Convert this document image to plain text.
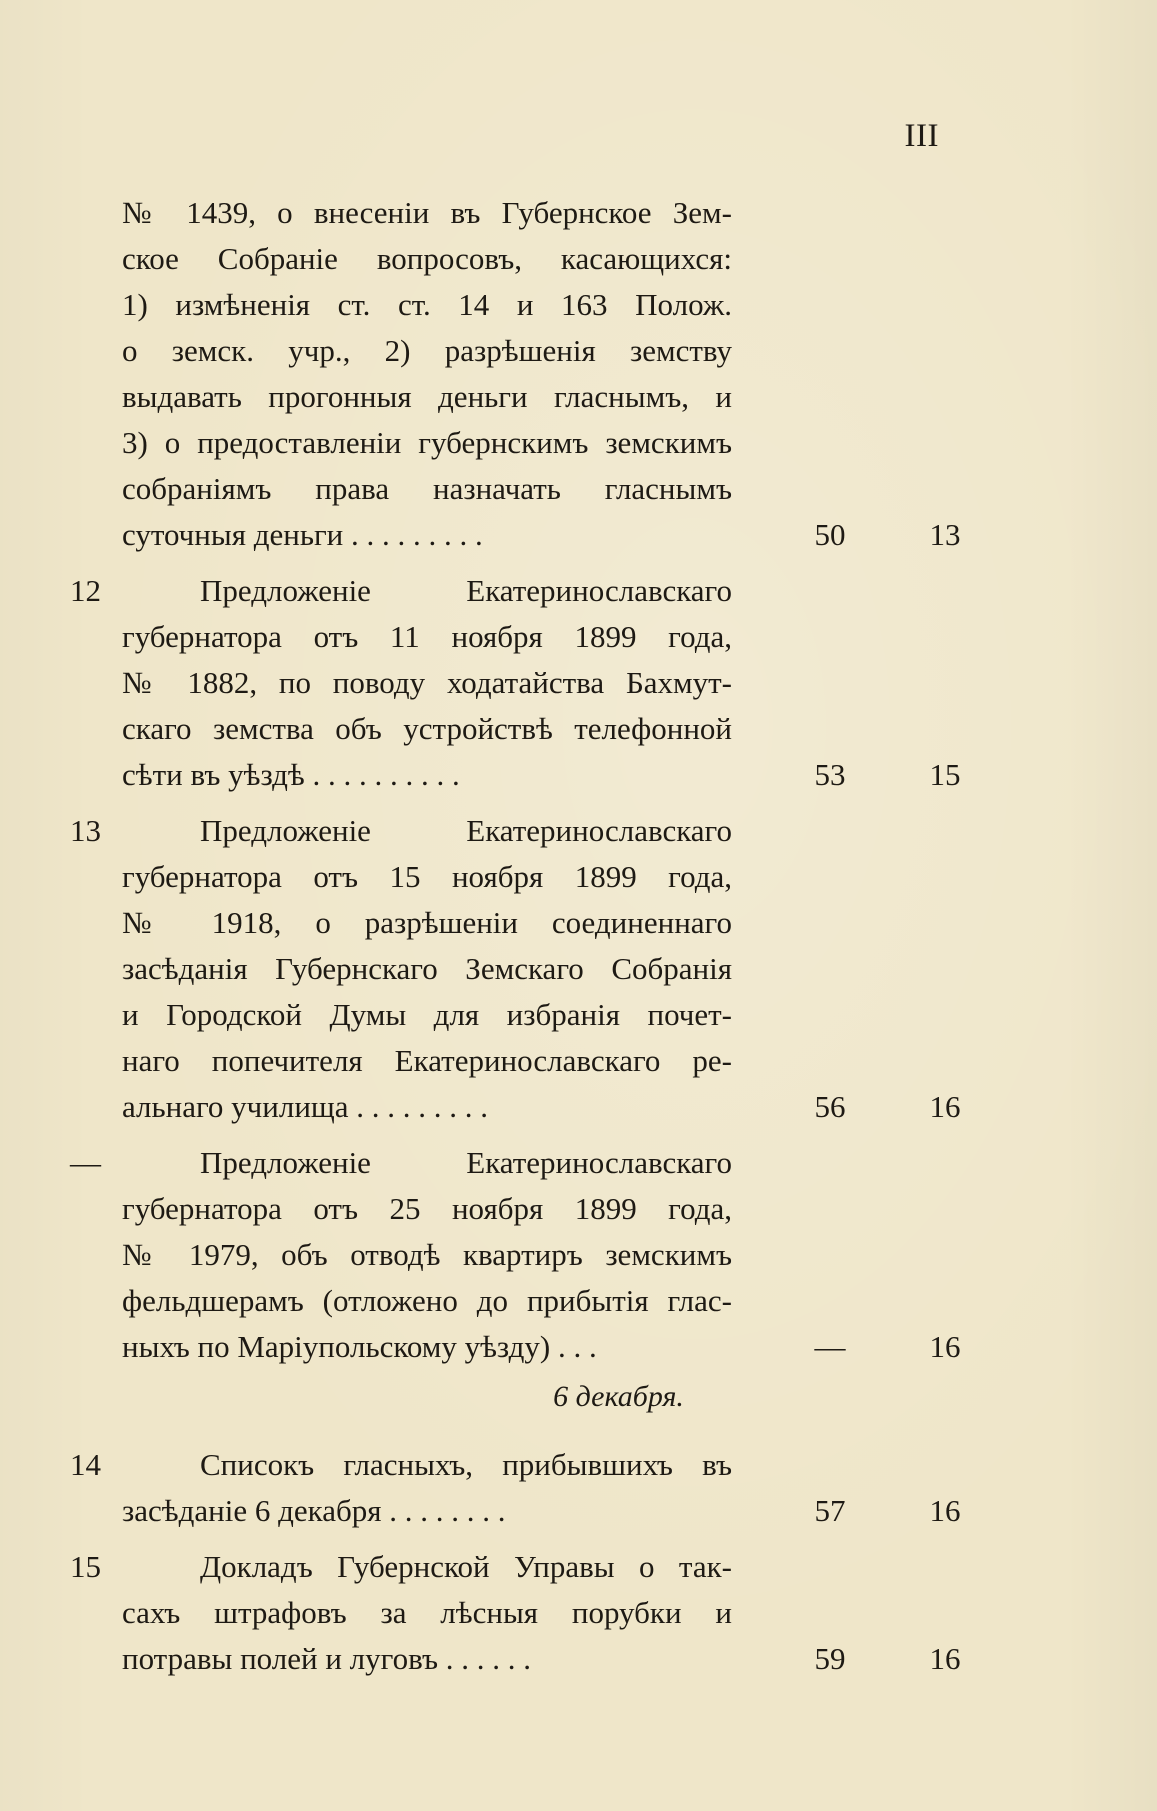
III
№ 1439, о внесеніи въ Губернское Зем-
ское Собраніе вопросовъ, касающихся:
1) измѣненія ст. ст. 14 и 163 Полож.
о земск. учр., 2) разрѣшенія земству
выдавать прогонныя деньги гласнымъ, и
3) о предоставленіи губернскимъ земскимъ
собраніямъ права назначать гласнымъ
суточныя деньги . . . . . . . . .	50	13
12	Предложеніе Екатеринославскаго
губернатора отъ 11 ноября 1899 года,
№ 1882, по поводу ходатайства Бахмут-
скаго земства объ устройствѣ телефонной
сѣти въ уѣздѣ . . . . . . . . . .	53	15
13	Предложеніе Екатеринославскаго
губернатора отъ 15 ноября 1899 года,
№ 1918, о разрѣшеніи соединеннаго
засѣданія Губернскаго Земскаго Собранія
и Городской Думы для избранія почет-
наго попечителя Екатеринославскаго ре-
альнаго училища . . . . . . . . .	56	16
—	Предложеніе Екатеринославскаго
губернатора отъ 25 ноября 1899 года,
№ 1979, объ отводѣ квартиръ земскимъ
фельдшерамъ (отложено до прибытія глас-
ныхъ по Маріупольскому уѣзду) . . .	—	16
6 декабря.
14	Списокъ гласныхъ, прибывшихъ въ
засѣданіе 6 декабря . . . . . . . .	57	16
15	Докладъ Губернской Управы о так-
сахъ штрафовъ за лѣсныя порубки и
потравы полей и луговъ . . . . . .	59	16
